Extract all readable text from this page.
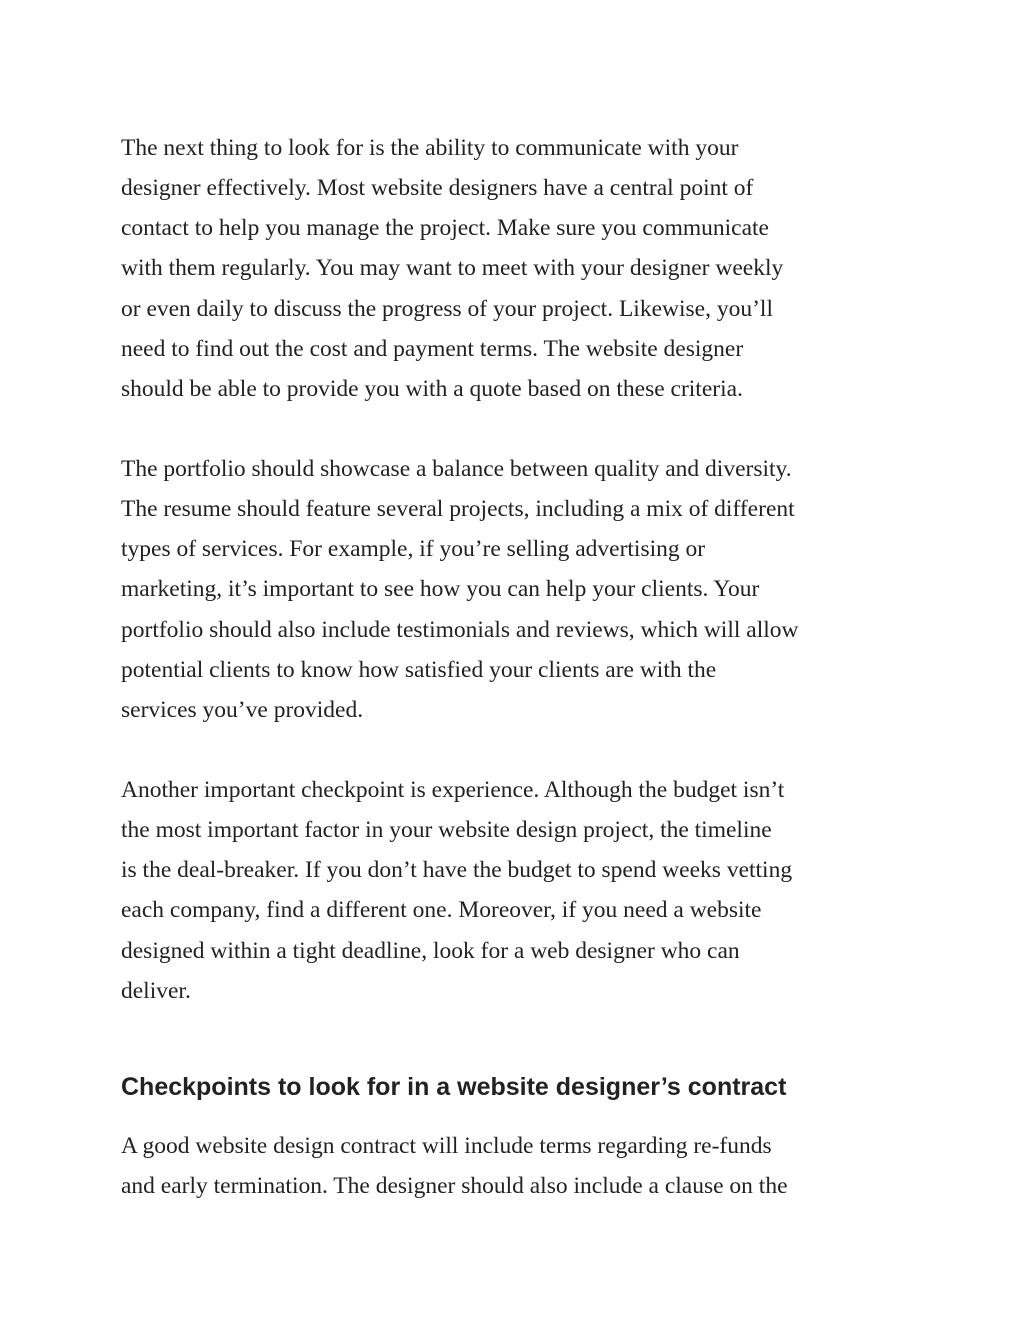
The next thing to look for is the ability to communicate with your
designer effectively. Most website designers have a central point of
contact to help you manage the project. Make sure you communicate
with them regularly. You may want to meet with your designer weekly
or even daily to discuss the progress of your project. Likewise, you’ll
need to find out the cost and payment terms. The website designer
should be able to provide you with a quote based on these criteria.

The portfolio should showcase a balance between quality and diversity.
The resume should feature several projects, including a mix of different
types of services. For example, if you’re selling advertising or
marketing, it’s important to see how you can help your clients. Your
portfolio should also include testimonials and reviews, which will allow
potential clients to know how satisfied your clients are with the
services you’ve provided.

Another important checkpoint is experience. Although the budget isn’t
the most important factor in your website design project, the timeline
is the deal-breaker. If you don’t have the budget to spend weeks vetting
each company, find a different one. Moreover, if you need a website
designed within a tight deadline, look for a web designer who can
deliver.

Checkpoints to look for in a website designer’s contract

A good website design contract will include terms regarding re-funds
and early termination. The designer should also include a clause on the
